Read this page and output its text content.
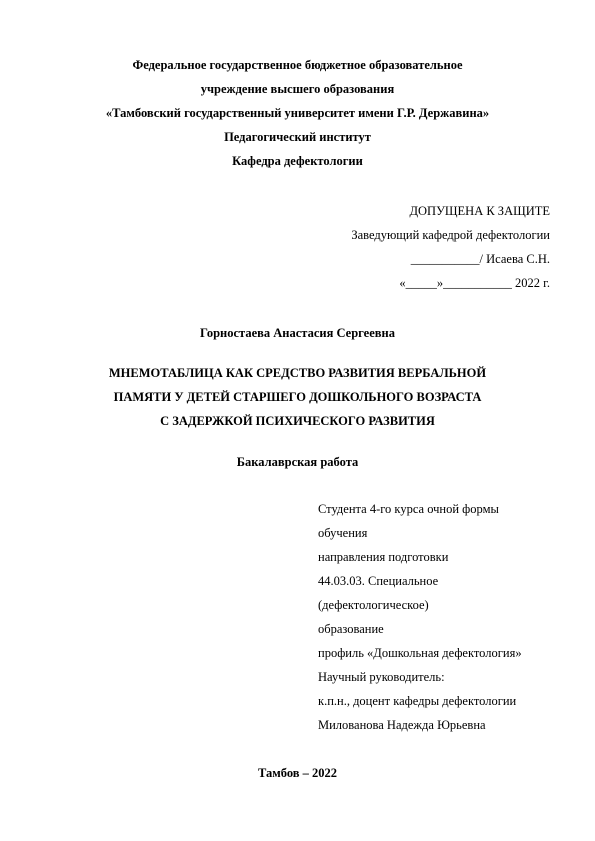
Федеральное государственное бюджетное образовательное
учреждение высшего образования
«Тамбовский государственный университет имени Г.Р. Державина»
Педагогический институт
Кафедра дефектологии
ДОПУЩЕНА К ЗАЩИТЕ
Заведующий кафедрой дефектологии
___________/ Исаева С.Н.
«_____»___________ 2022 г.
Горностаева Анастасия Сергеевна
МНЕМОТАБЛИЦА КАК СРЕДСТВО РАЗВИТИЯ ВЕРБАЛЬНОЙ
ПАМЯТИ У ДЕТЕЙ СТАРШЕГО ДОШКОЛЬНОГО ВОЗРАСТА
С ЗАДЕРЖКОЙ ПСИХИЧЕСКОГО РАЗВИТИЯ
Бакалаврская работа
Студента 4-го курса очной формы
обучения
направления подготовки
44.03.03. Специальное
(дефектологическое)
образование
профиль «Дошкольная дефектология»
Научный руководитель:
к.п.н., доцент кафедры дефектологии
Милованова Надежда Юрьевна
Тамбов – 2022
